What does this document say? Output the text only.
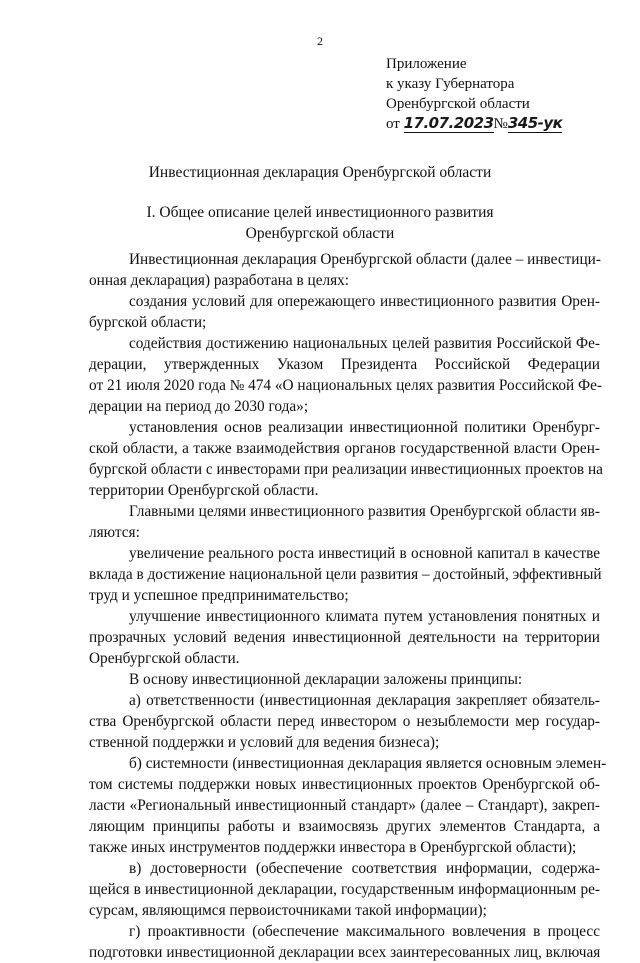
2
Приложение
к указу Губернатора
Оренбургской области
от 17.07.2023№345-ук
Инвестиционная декларация Оренбургской области
I. Общее описание целей инвестиционного развития
Оренбургской области
Инвестиционная декларация Оренбургской области (далее – инвестици-
онная декларация) разработана в целях:
создания условий для опережающего инвестиционного развития Орен-
бургской области;
содействия достижению национальных целей развития Российской Фе-
дерации, утвержденных Указом Президента Российской Федерации
от 21 июля 2020 года № 474 «О национальных целях развития Российской Фе-
дерации на период до 2030 года»;
установления основ реализации инвестиционной политики Оренбург-
ской области, а также взаимодействия органов государственной власти Орен-
бургской области с инвесторами при реализации инвестиционных проектов на
территории Оренбургской области.
Главными целями инвестиционного развития Оренбургской области яв-
ляются:
увеличение реального роста инвестиций в основной капитал в качестве
вклада в достижение национальной цели развития – достойный, эффективный
труд и успешное предпринимательство;
улучшение инвестиционного климата путем установления понятных и
прозрачных условий ведения инвестиционной деятельности на территории
Оренбургской области.
В основу инвестиционной декларации заложены принципы:
а) ответственности (инвестиционная декларация закрепляет обязатель-
ства Оренбургской области перед инвестором о незыблемости мер государ-
ственной поддержки и условий для ведения бизнеса);
б) системности (инвестиционная декларация является основным элемен-
том системы поддержки новых инвестиционных проектов Оренбургской об-
ласти «Региональный инвестиционный стандарт» (далее – Стандарт), закреп-
ляющим принципы работы и взаимосвязь других элементов Стандарта, а
также иных инструментов поддержки инвестора в Оренбургской области);
в) достоверности (обеспечение соответствия информации, содержа-
щейся в инвестиционной декларации, государственным информационным ре-
сурсам, являющимся первоисточниками такой информации);
г) проактивности (обеспечение максимального вовлечения в процесс
подготовки инвестиционной декларации всех заинтересованных лиц, включая
